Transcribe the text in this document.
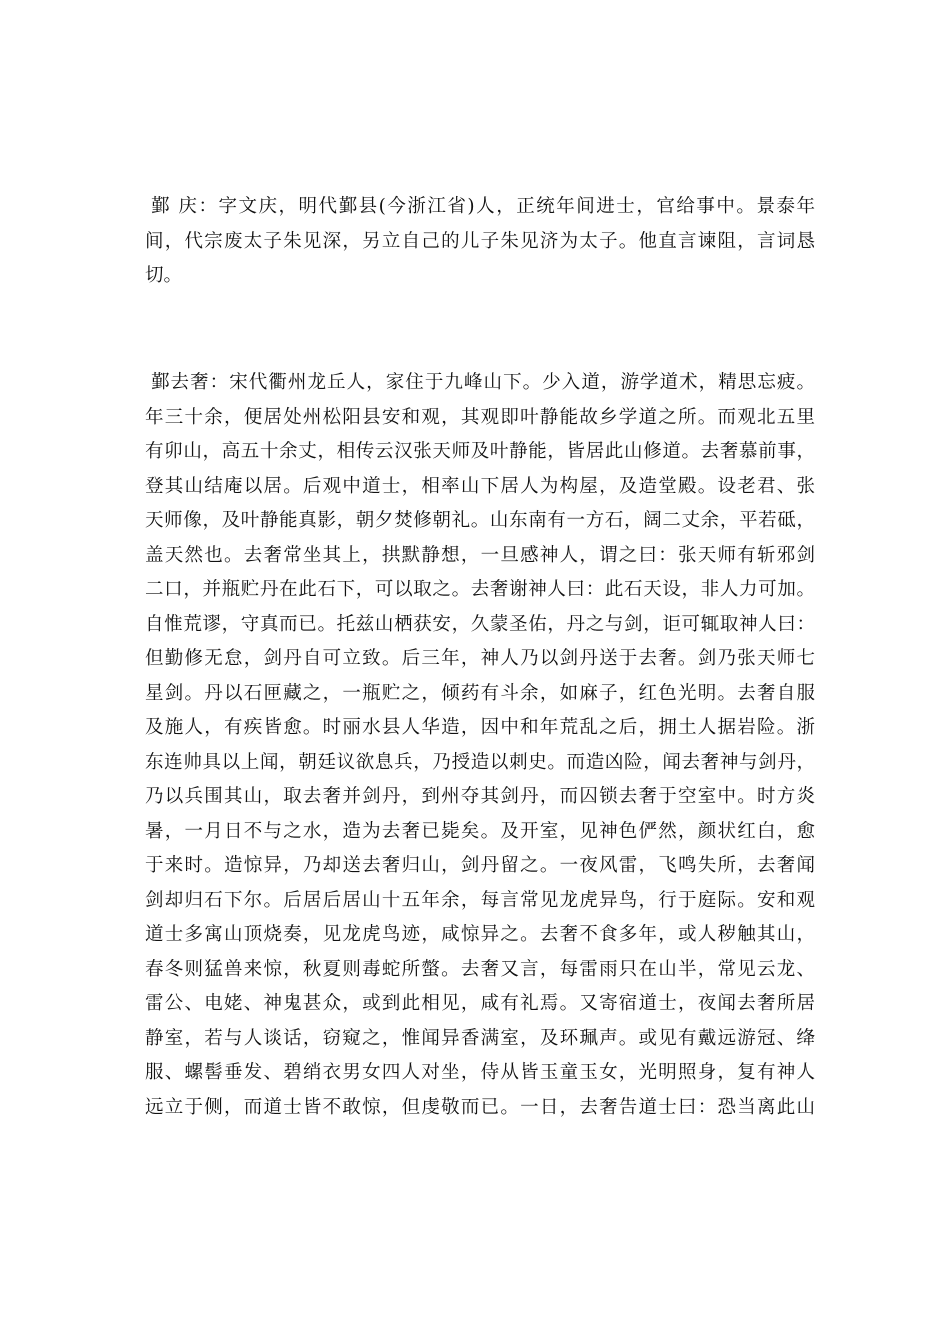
鄞 庆：字文庆，明代鄞县(今浙江省)人，正统年间进士，官给事中。景泰年
间，代宗废太子朱见深，另立自己的儿子朱见济为太子。他直言谏阻，言词恳
切。
鄞去奢：宋代衢州龙丘人，家住于九峰山下。少入道，游学道术，精思忘疲。
年三十余，便居处州松阳县安和观，其观即叶静能故乡学道之所。而观北五里
有卯山，高五十余丈，相传云汉张天师及叶静能，皆居此山修道。去奢慕前事，
登其山结庵以居。后观中道士，相率山下居人为构屋，及造堂殿。设老君、张
天师像，及叶静能真影，朝夕焚修朝礼。山东南有一方石，阔二丈余，平若砥，
盖天然也。去奢常坐其上，拱默静想，一旦感神人，谓之曰：张天师有斩邪剑
二口，并瓶贮丹在此石下，可以取之。去奢谢神人曰：此石天设，非人力可加。
自惟荒谬，守真而已。托兹山栖获安，久蒙圣佑，丹之与剑，讵可辄取神人曰：
但勤修无怠，剑丹自可立致。后三年，神人乃以剑丹送于去奢。剑乃张天师七
星剑。丹以石匣藏之，一瓶贮之，倾药有斗余，如麻子，红色光明。去奢自服
及施人，有疾皆愈。时丽水县人华造，因中和年荒乱之后，拥土人据岩险。浙
东连帅具以上闻，朝廷议欲息兵，乃授造以刺史。而造凶险，闻去奢神与剑丹，
乃以兵围其山，取去奢并剑丹，到州夺其剑丹，而囚锁去奢于空室中。时方炎
暑，一月日不与之水，造为去奢已毙矣。及开室，见神色俨然，颜状红白，愈
于来时。造惊异，乃却送去奢归山，剑丹留之。一夜风雷，飞鸣失所，去奢闻
剑却归石下尔。后居后居山十五年余，每言常见龙虎异鸟，行于庭际。安和观
道士多寓山顶烧奏，见龙虎鸟迹，咸惊异之。去奢不食多年，或人秽触其山，
春冬则猛兽来惊，秋夏则毒蛇所螫。去奢又言，每雷雨只在山半，常见云龙、
雷公、电姥、神鬼甚众，或到此相见，咸有礼焉。又寄宿道士，夜闻去奢所居
静室，若与人谈话，窃窥之，惟闻异香满室，及环珮声。或见有戴远游冠、绛
服、螺髻垂发、碧绡衣男女四人对坐，侍从皆玉童玉女，光明照身，复有神人
远立于侧，而道士皆不敢惊，但虔敬而已。一日，去奢告道士曰：恐当离此山
